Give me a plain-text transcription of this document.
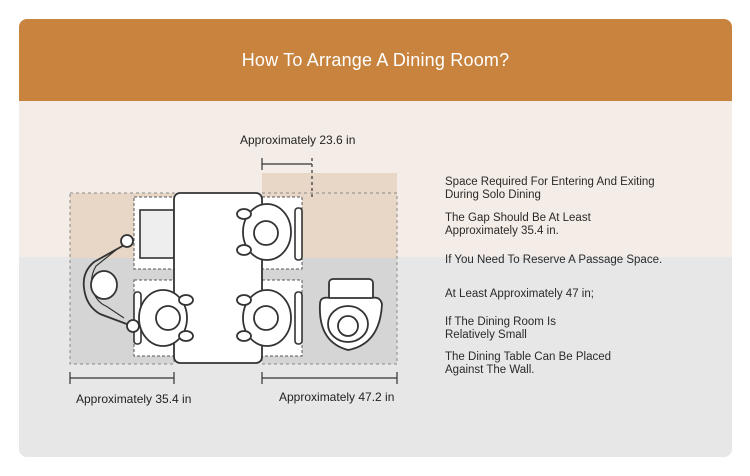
How To Arrange A Dining Room?
Approximately 23.6 in
Approximately 35.4 in	Approximately 47.2 in
Space Required For Entering And Exiting
During Solo Dining
The Gap Should Be At Least
Approximately 35.4 in.
If You Need To Reserve A Passage Space.
At Least Approximately 47 in;
If The Dining Room Is
Relatively Small
The Dining Table Can Be Placed
Against The Wall.
